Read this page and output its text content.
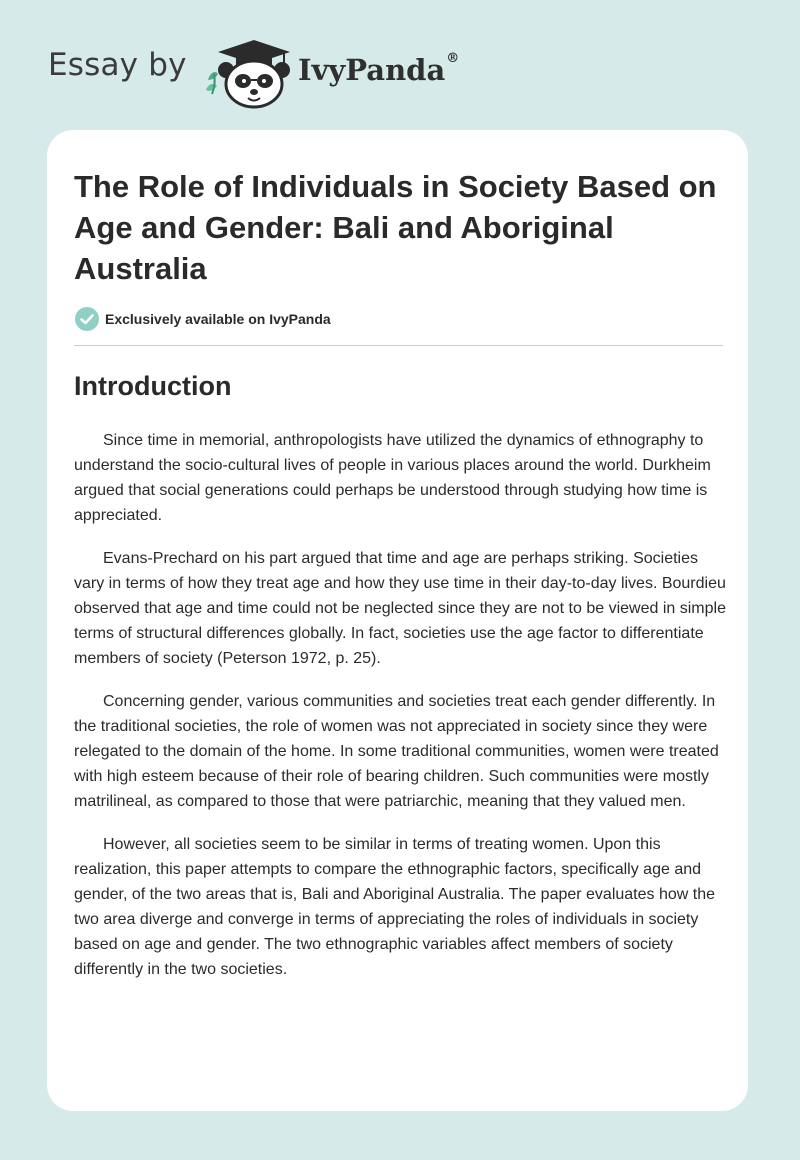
Essay by	IvyPanda®
The Role of Individuals in Society Based on Age and Gender: Bali and Aboriginal Australia
Exclusively available on IvyPanda
Introduction

Since time in memorial, anthropologists have utilized the dynamics of ethnography to understand the socio-cultural lives of people in various places around the world. Durkheim argued that social generations could perhaps be understood through studying how time is appreciated.

Evans-Prechard on his part argued that time and age are perhaps striking. Societies vary in terms of how they treat age and how they use time in their day-to-day lives. Bourdieu observed that age and time could not be neglected since they are not to be viewed in simple terms of structural differences globally. In fact, societies use the age factor to differentiate members of society (Peterson 1972, p. 25).

Concerning gender, various communities and societies treat each gender differently. In the traditional societies, the role of women was not appreciated in society since they were relegated to the domain of the home. In some traditional communities, women were treated with high esteem because of their role of bearing children. Such communities were mostly matrilineal, as compared to those that were patriarchic, meaning that they valued men.

However, all societies seem to be similar in terms of treating women. Upon this realization, this paper attempts to compare the ethnographic factors, specifically age and gender, of the two areas that is, Bali and Aboriginal Australia. The paper evaluates how the two area diverge and converge in terms of appreciating the roles of individuals in society based on age and gender. The two ethnographic variables affect members of society differently in the two societies.
